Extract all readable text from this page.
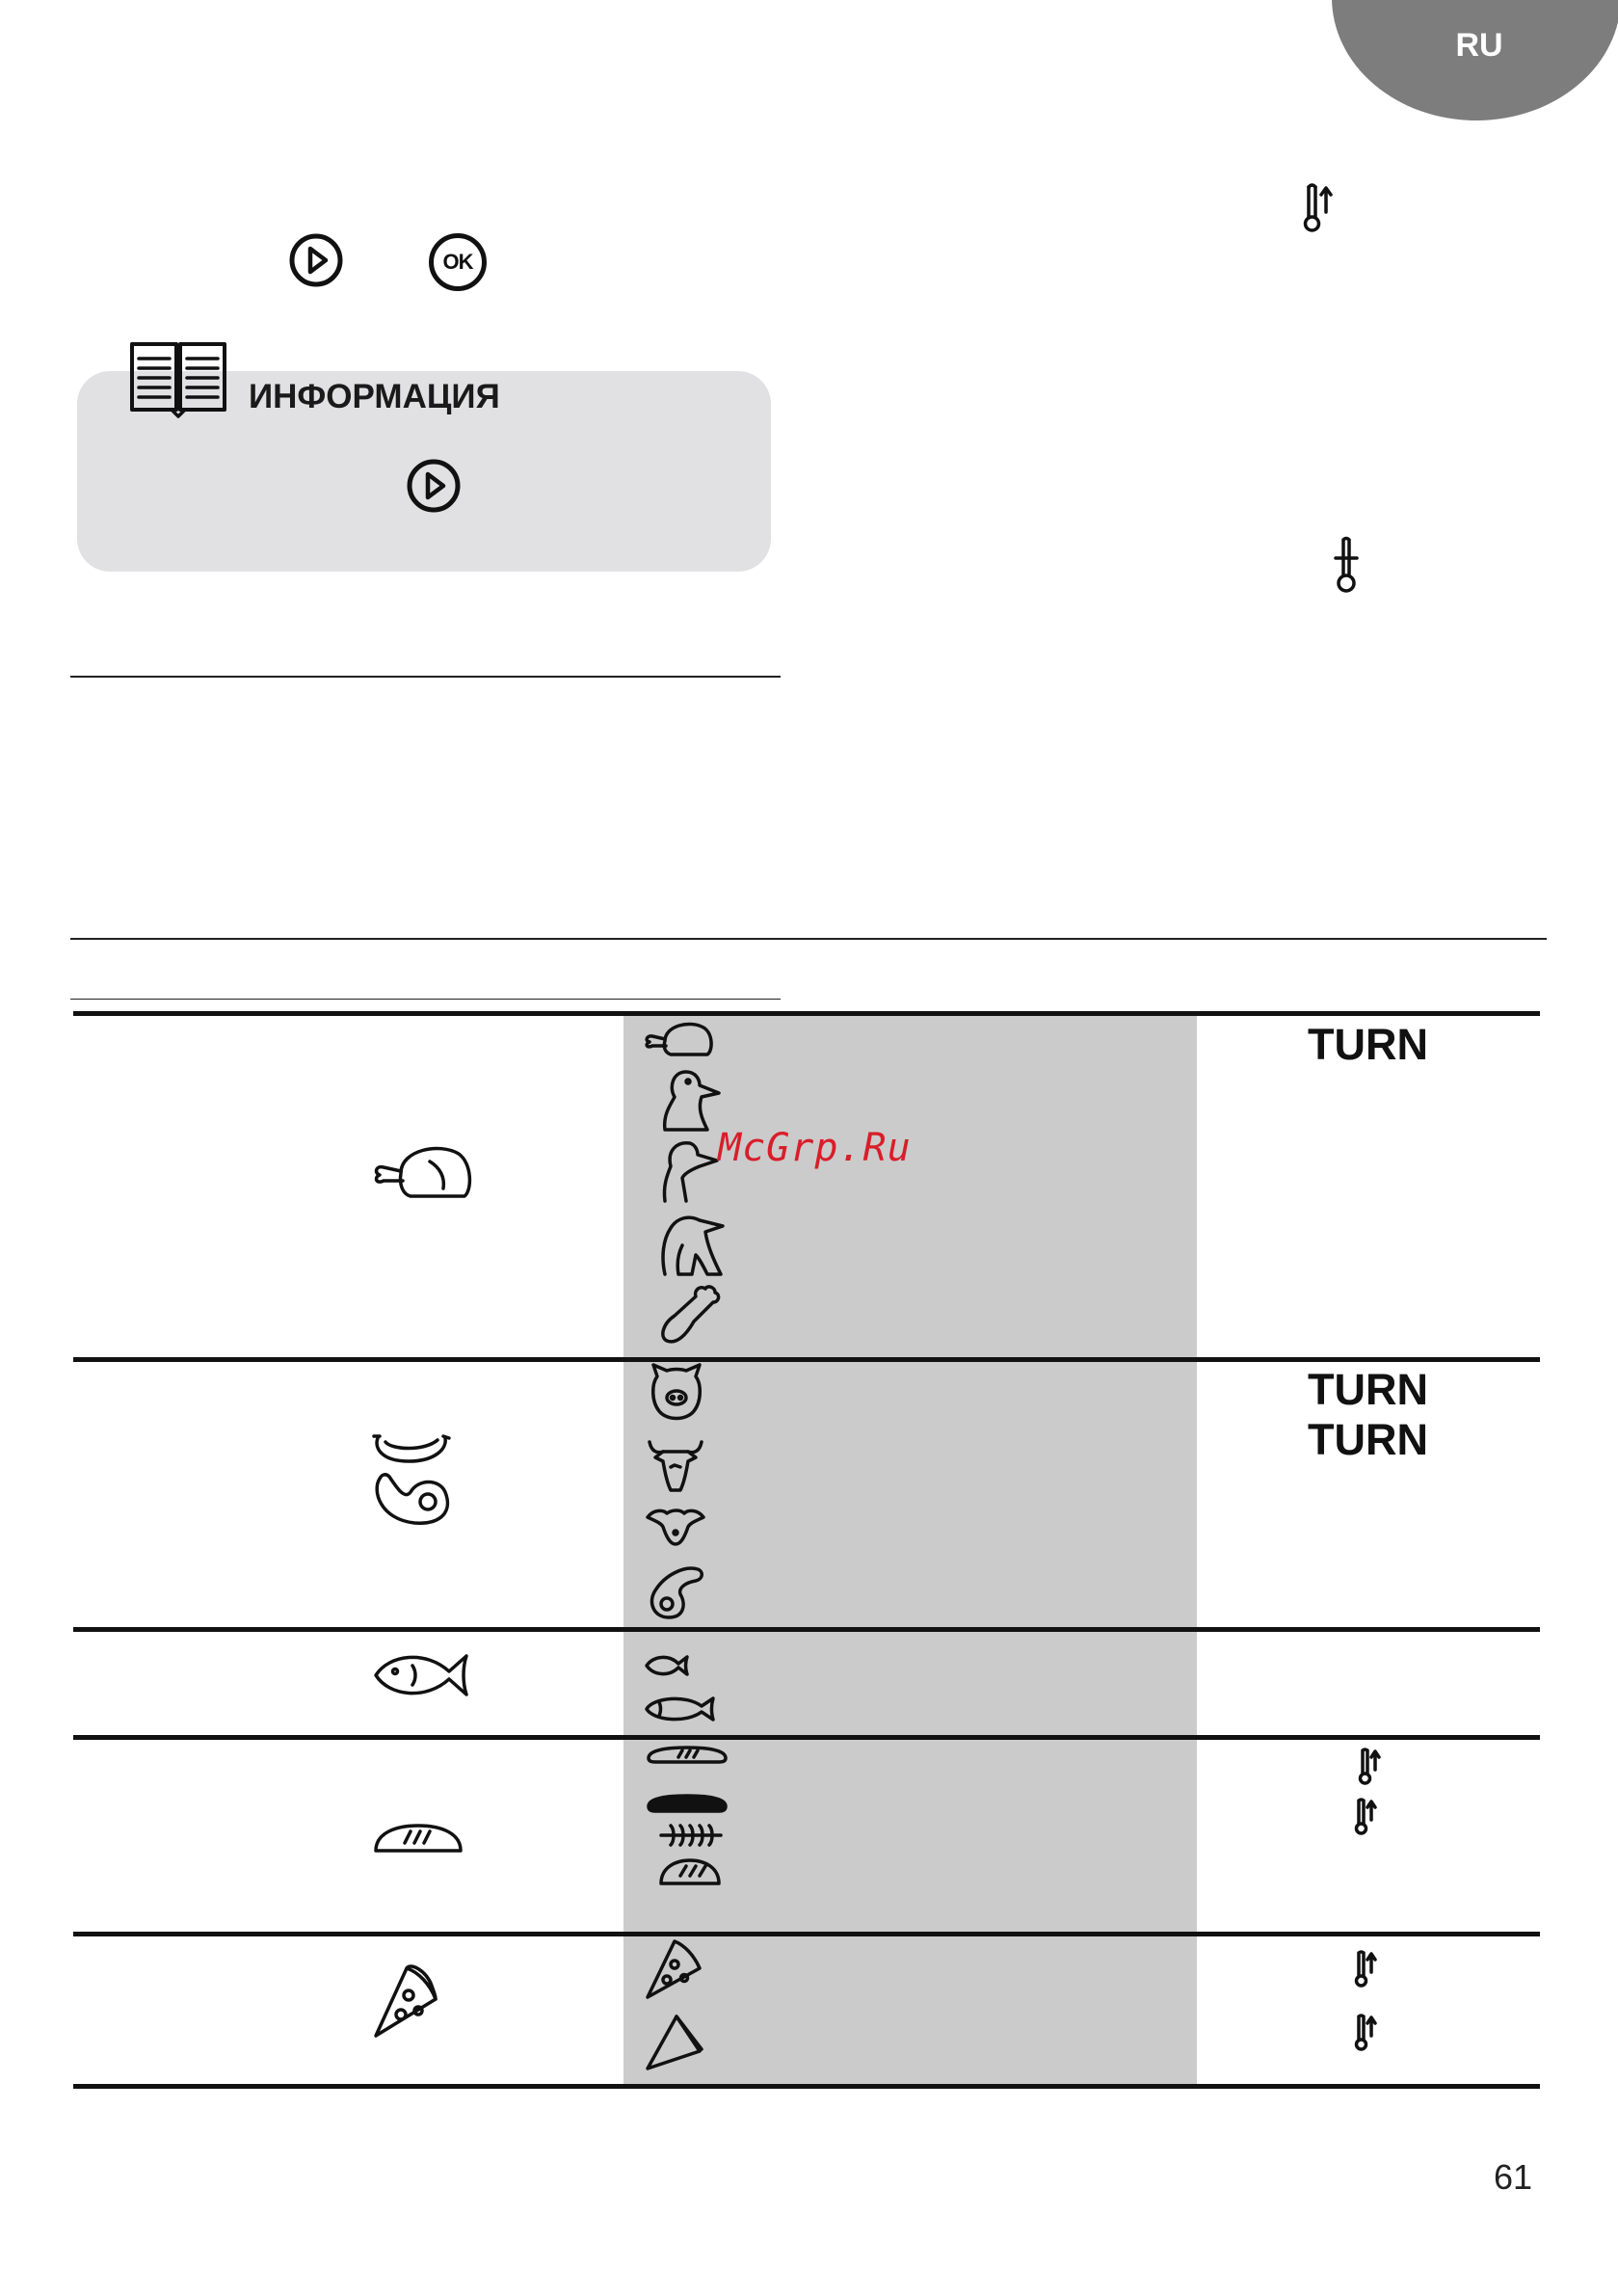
RU
OK
ИНФОРМАЦИЯ
TURN
TURN
TURN
McGrp.Ru
61
